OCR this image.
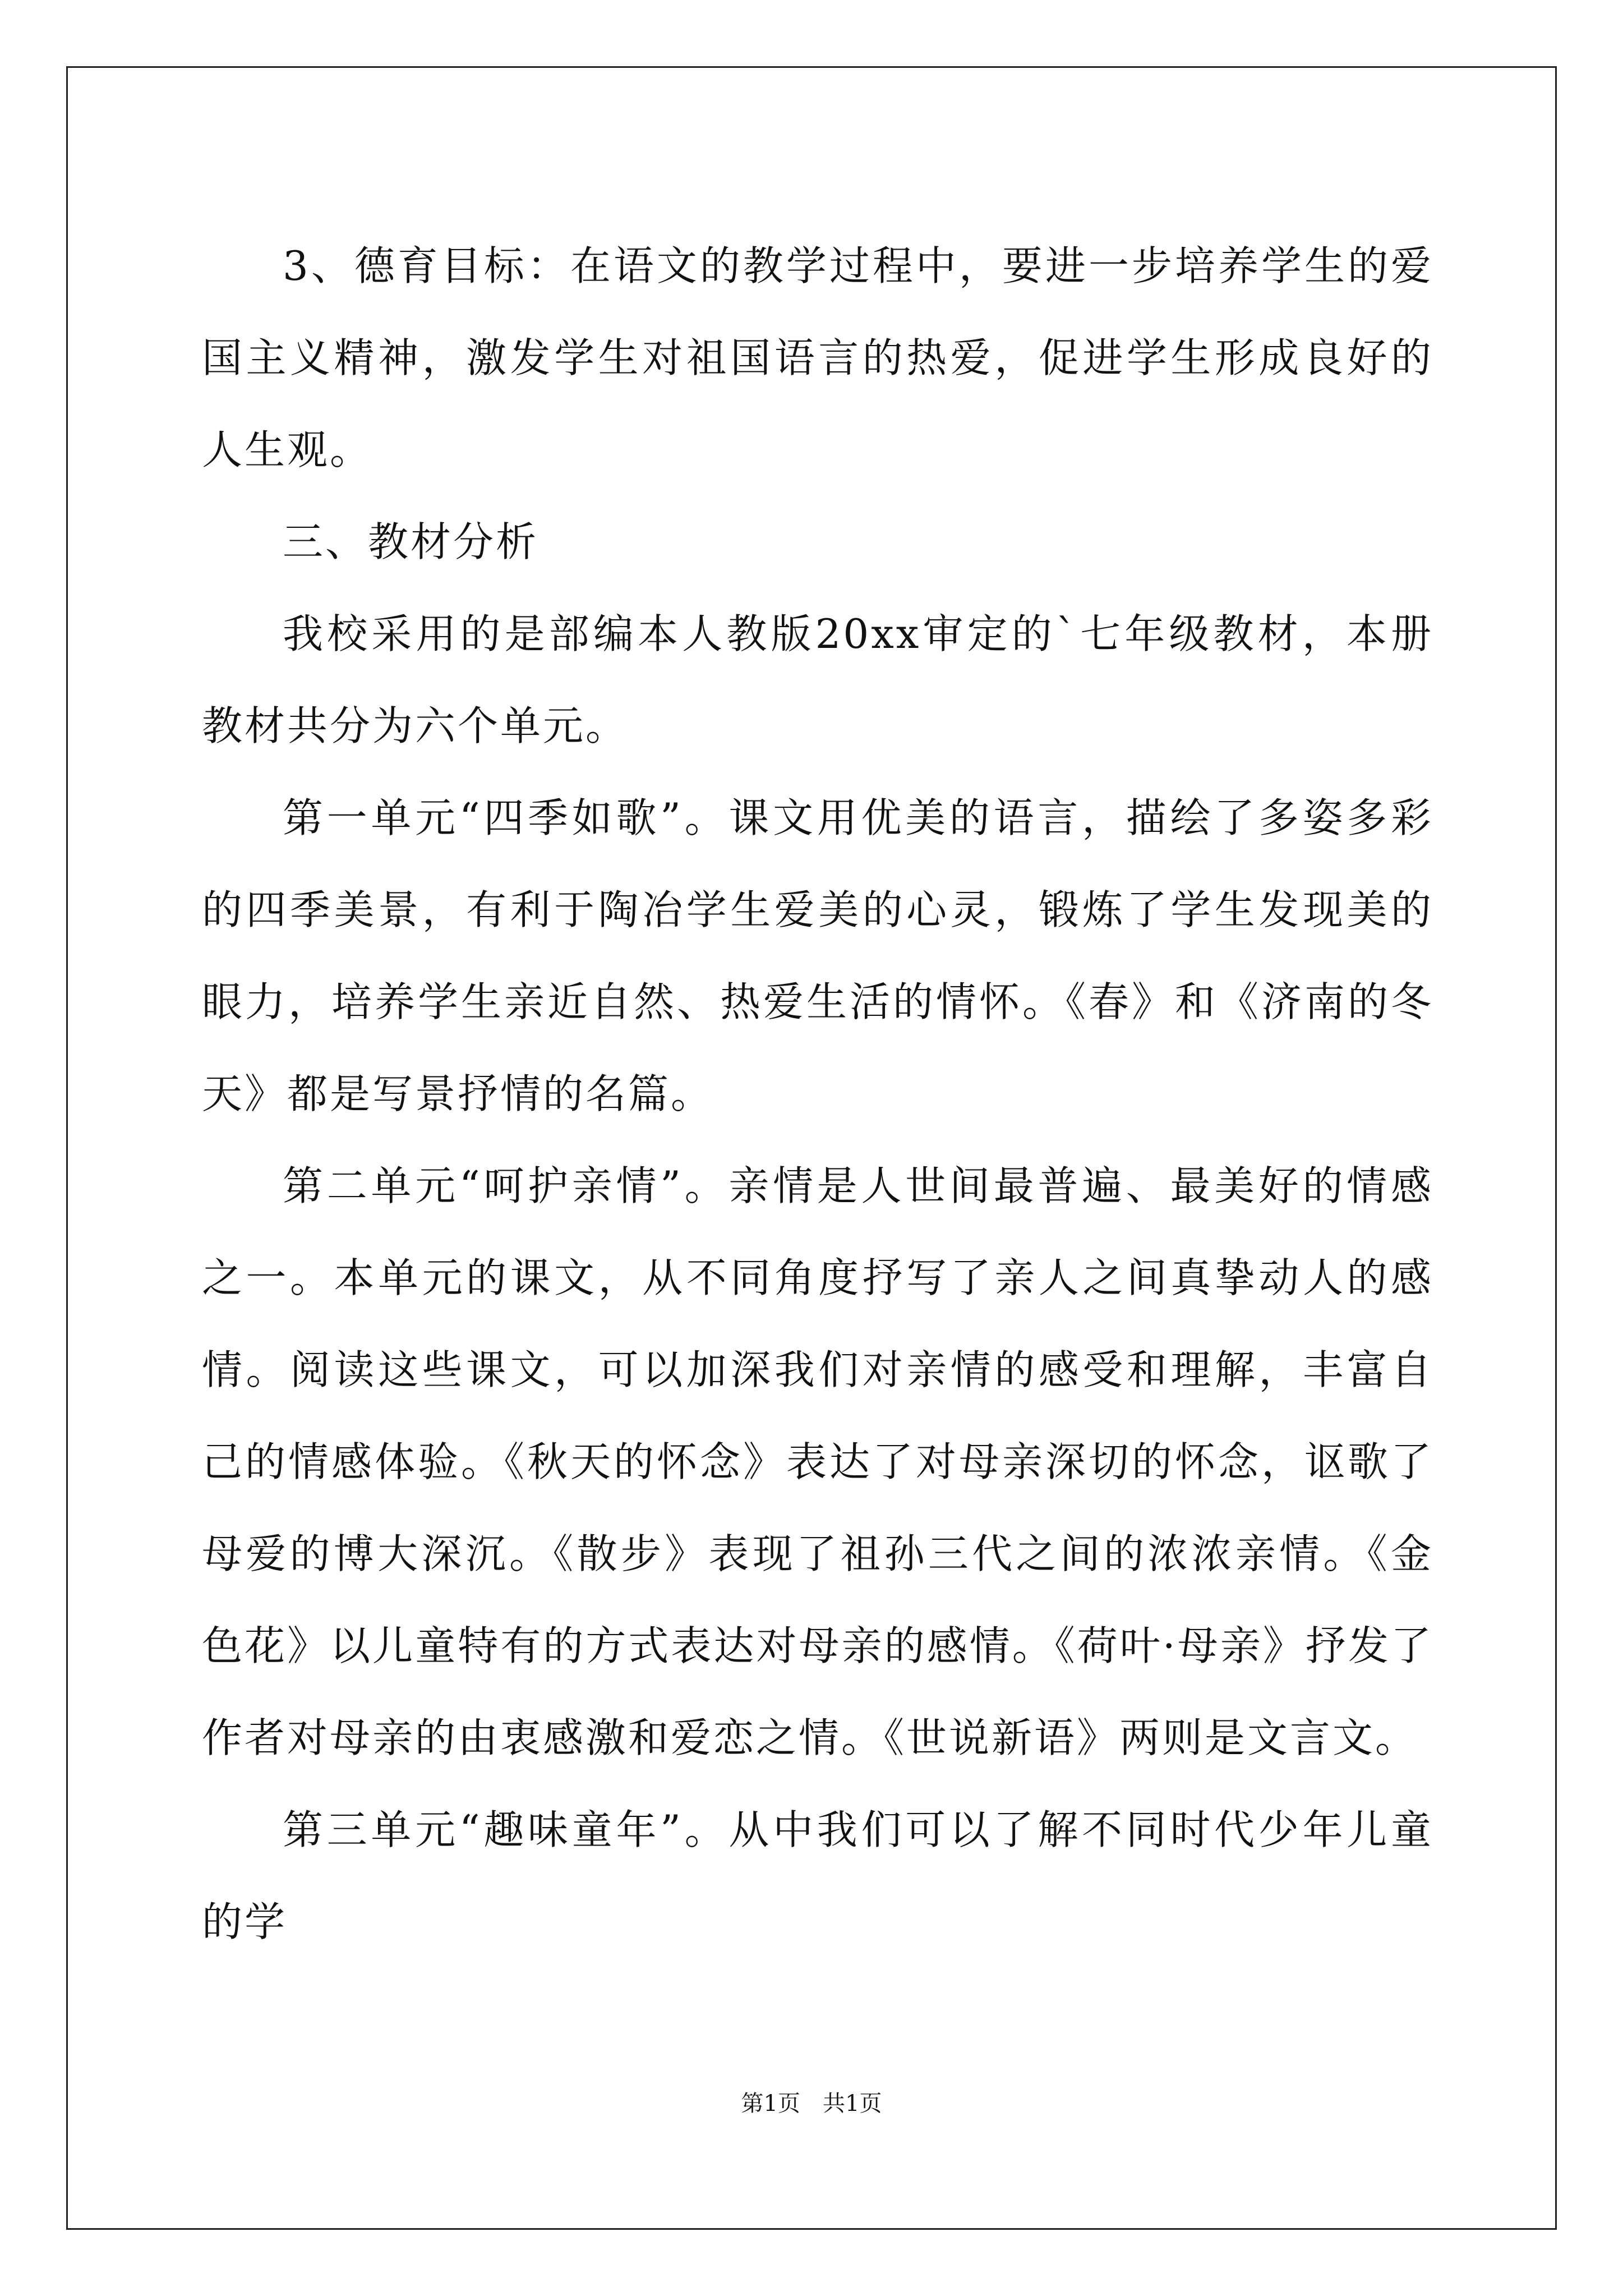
3、德育目标：在语文的教学过程中，要进一步培养学生的爱国主义精神，激发学生对祖国语言的热爱，促进学生形成良好的人生观。

三、教材分析

我校采用的是部编本人教版20xx审定的`七年级教材，本册教材共分为六个单元。

第一单元“四季如歌”。课文用优美的语言，描绘了多姿多彩的四季美景，有利于陶冶学生爱美的心灵，锻炼了学生发现美的眼力，培养学生亲近自然、热爱生活的情怀。《春》和《济南的冬天》都是写景抒情的名篇。

第二单元“呵护亲情”。亲情是人世间最普遍、最美好的情感之一。本单元的课文，从不同角度抒写了亲人之间真挚动人的感情。阅读这些课文，可以加深我们对亲情的感受和理解，丰富自己的情感体验。《秋天的怀念》表达了对母亲深切的怀念，讴歌了母爱的博大深沉。《散步》表现了祖孙三代之间的浓浓亲情。《金色花》以儿童特有的方式表达对母亲的感情。《荷叶·母亲》抒发了作者对母亲的由衷感激和爱恋之情。《世说新语》两则是文言文。

第三单元“趣味童年”。从中我们可以了解不同时代少年儿童的学

第1页 共1页
